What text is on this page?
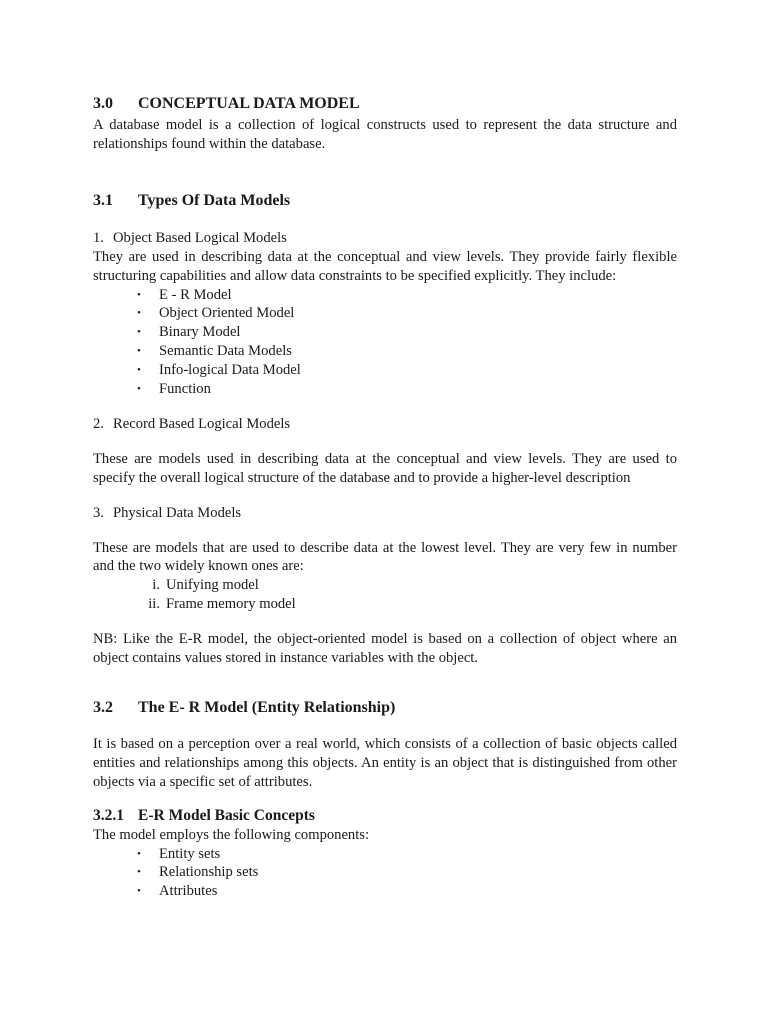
3.0	CONCEPTUAL DATA MODEL

A database model is a collection of logical constructs used to represent the data structure and relationships found within the database.

3.1	Types Of Data Models
1. Object Based Logical Models

They are used in describing data at the conceptual and view levels. They provide fairly flexible structuring capabilities and allow data constraints to be specified explicitly. They include:

•	E - R Model
•	Object Oriented Model
•	Binary Model
•	Semantic Data Models
•	Info-logical Data Model
•	Function
2. Record Based Logical Models

These are models used in describing data at the conceptual and view levels. They are used to specify the overall logical structure of the database and to provide a higher-level description

3. Physical Data Models

These are models that are used to describe data at the lowest level. They are very few in number and the two widely known ones are:

i. Unifying model
ii. Frame memory model

NB: Like the E-R model, the object-oriented model is based on a collection of object where an object contains values stored in instance variables with the object.

3.2	The E- R Model (Entity Relationship)

It is based on a perception over a real world, which consists of a collection of basic objects called entities and relationships among this objects. An entity is an object that is distinguished from other objects via a specific set of attributes.

3.2.1 E-R Model Basic Concepts

The model employs the following components:

•	Entity sets
•	Relationship sets
•	Attributes
